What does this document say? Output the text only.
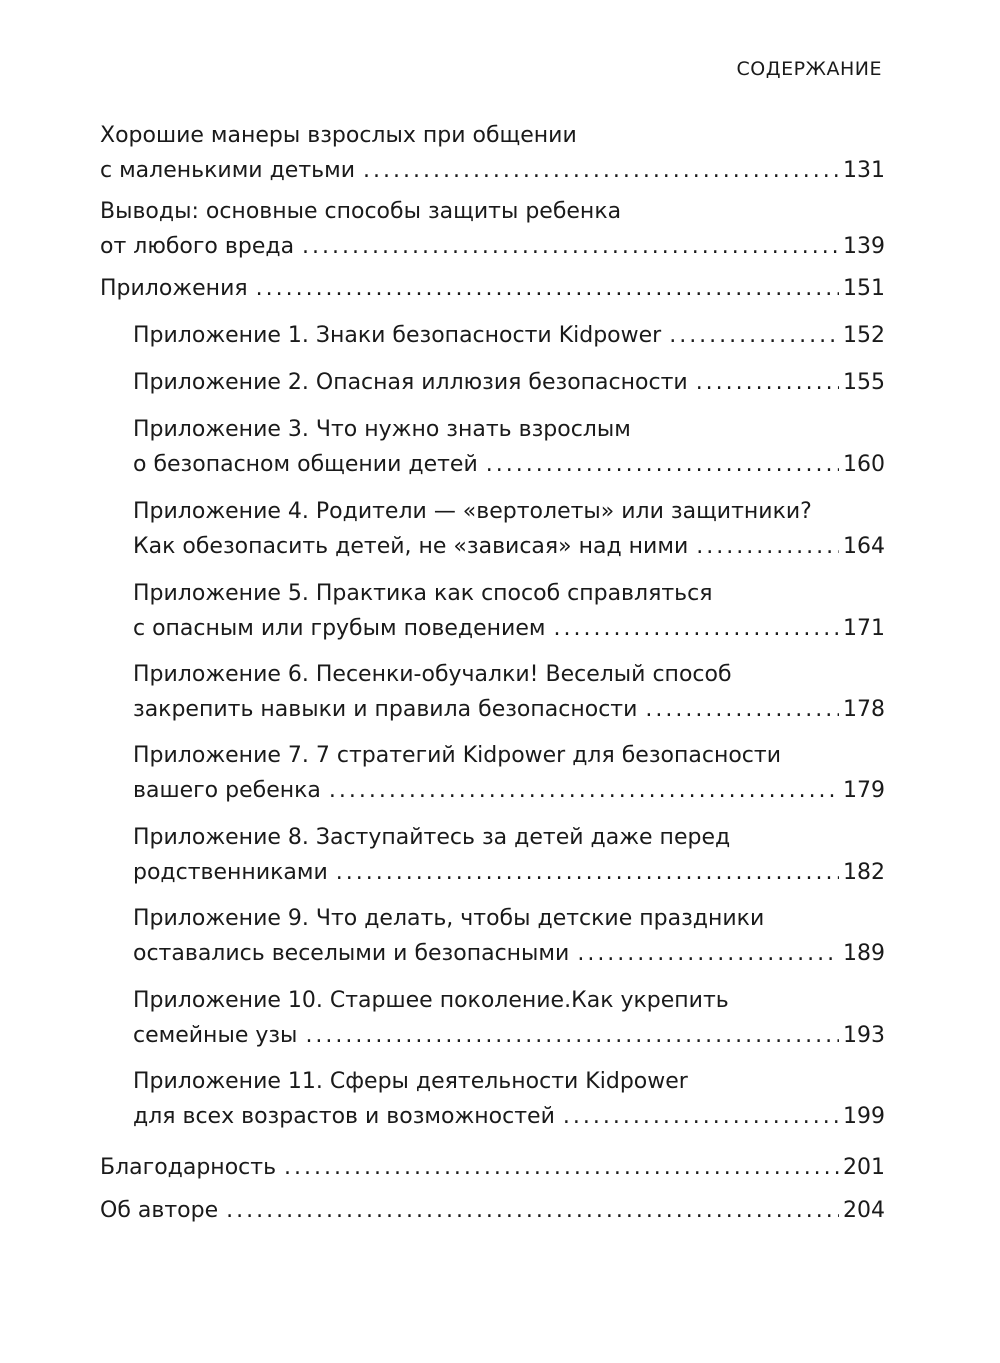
СОДЕРЖАНИЕ
Хорошие манеры взрослых при общении
с маленькими детьми .....	131
Выводы: основные способы защиты ребенка
от любого вреда .....	139
Приложения .....	151
Приложение 1. Знаки безопасности Kidpower .....	152
Приложение 2. Опасная иллюзия безопасности .....	155
Приложение 3. Что нужно знать взрослым
о безопасном общении детей .....	160
Приложение 4. Родители — «вертолеты» или защитники?
Как обезопасить детей, не «зависая» над ними .....	164
Приложение 5. Практика как способ справляться
с опасным или грубым поведением .....	171
Приложение 6. Песенки-обучалки! Веселый способ
закрепить навыки и правила безопасности .....	178
Приложение 7. 7 стратегий Kidpower для безопасности
вашего ребенка .....	179
Приложение 8. Заступайтесь за детей даже перед
родственниками .....	182
Приложение 9. Что делать, чтобы детские праздники
оставались веселыми и безопасными .....	189
Приложение 10. Старшее поколение.Как укрепить
семейные узы .....	193
Приложение 11. Сферы деятельности Kidpower
для всех возрастов и возможностей .....	199
Благодарность .....	201
Об авторе .....	204
